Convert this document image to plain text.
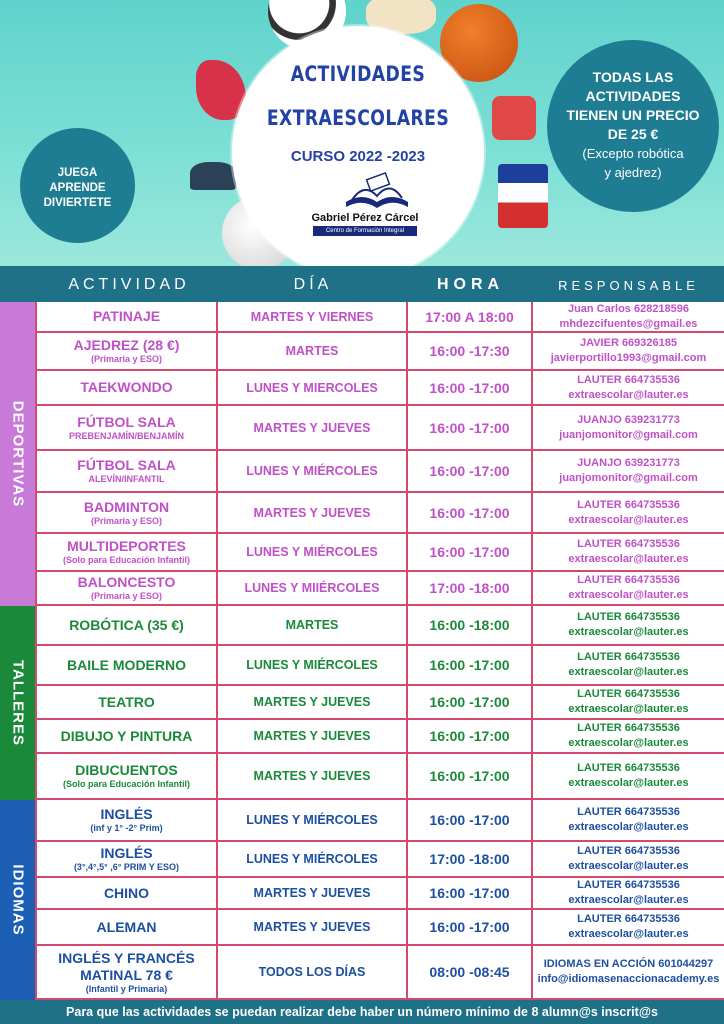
ACTIVIDADES
EXTRAESCOLARES
CURSO 2022 -2023
Gabriel Pérez Cárcel
Centro de Formación Integral
JUEGA
APRENDE
DIVIERTETE
TODAS LAS
ACTIVIDADES
TIENEN UN PRECIO
DE 25 €
(Excepto robótica
y ajedrez)
ACTIVIDAD	DÍA	HORA	RESPONSABLE
DEPORTIVAS
TALLERES
IDIOMAS
PATINAJE	MARTES Y VIERNES	17:00 A 18:00	Juan Carlos 628218596
mhdezcifuentes@gmail.es
AJEDREZ (28 €)
(Primaria y ESO)
MARTES	16:00 -17:30	JAVIER 669326185
javierportillo1993@gmail.com
TAEKWONDO	LUNES Y MIERCOLES	16:00 -17:00	LAUTER 664735536
extraescolar@lauter.es
FÚTBOL SALA
PREBENJAMÍN/BENJAMÍN
MARTES Y JUEVES	16:00 -17:00	JUANJO 639231773
juanjomonitor@gmail.com
FÚTBOL SALA
ALEVÍN/INFANTIL
LUNES Y MIÉRCOLES	16:00 -17:00	JUANJO 639231773
juanjomonitor@gmail.com
BADMINTON
(Primaria y ESO)
MARTES Y JUEVES	16:00 -17:00	LAUTER 664735536
extraescolar@lauter.es
MULTIDEPORTES
(Solo para Educación Infantil)
LUNES Y MIÉRCOLES	16:00 -17:00	LAUTER 664735536
extraescolar@lauter.es
BALONCESTO
(Primaria y ESO)
LUNES Y MIIÉRCOLES	17:00 -18:00	LAUTER 664735536
extraescolar@lauter.es
ROBÓTICA (35 €)	MARTES	16:00 -18:00	LAUTER 664735536
extraescolar@lauter.es
BAILE MODERNO	LUNES Y MIÉRCOLES	16:00 -17:00	LAUTER 664735536
extraescolar@lauter.es
TEATRO	MARTES Y JUEVES	16:00 -17:00	LAUTER 664735536
extraescolar@lauter.es
DIBUJO Y PINTURA	MARTES Y JUEVES	16:00 -17:00	LAUTER 664735536
extraescolar@lauter.es
DIBUCUENTOS
(Solo para Educación Infantil)
MARTES Y JUEVES	16:00 -17:00	LAUTER 664735536
extraescolar@lauter.es
INGLÉS
(inf y 1° -2° Prim)
LUNES Y MIÉRCOLES	16:00 -17:00	LAUTER 664735536
extraescolar@lauter.es
INGLÉS
(3°,4°,5° ,6° PRIM Y ESO)
LUNES Y MIÉRCOLES	17:00 -18:00	LAUTER 664735536
extraescolar@lauter.es
CHINO	MARTES Y JUEVES	16:00 -17:00	LAUTER 664735536
extraescolar@lauter.es
ALEMAN	MARTES Y JUEVES	16:00 -17:00	LAUTER 664735536
extraescolar@lauter.es
INGLÉS Y FRANCÉS MATINAL 78 €
(Infantil y Primaria)
TODOS LOS DÍAS	08:00 -08:45	IDIOMAS EN ACCIÓN 601044297
info@idiomasenaccionacademy.es
Para que las actividades se puedan realizar debe haber un número mínimo de 8 alumn@s inscrit@s
